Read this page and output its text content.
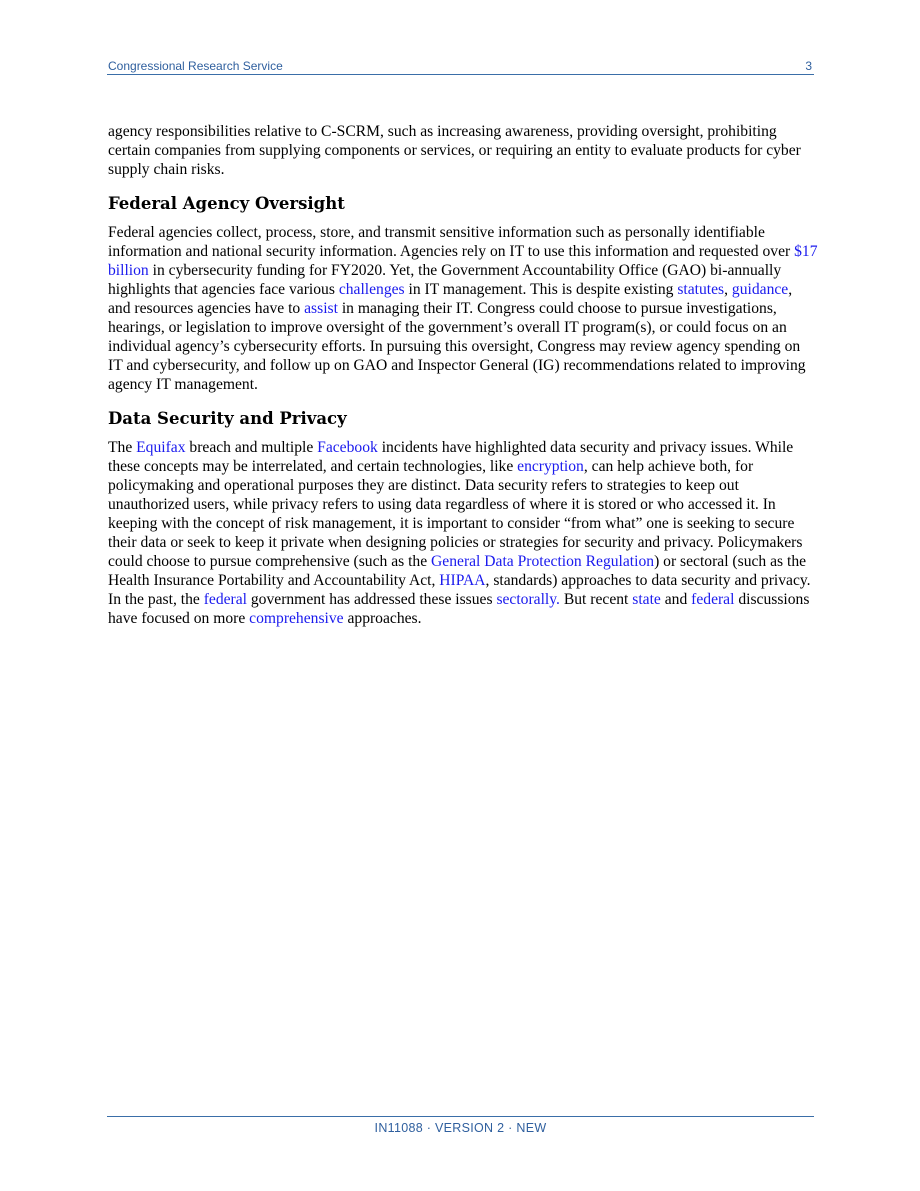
Congressional Research Service	3

agency responsibilities relative to C-SCRM, such as increasing awareness, providing oversight, prohibiting certain companies from supplying components or services, or requiring an entity to evaluate products for cyber supply chain risks.

Federal Agency Oversight

Federal agencies collect, process, store, and transmit sensitive information such as personally identifiable information and national security information. Agencies rely on IT to use this information and requested over $17 billion in cybersecurity funding for FY2020. Yet, the Government Accountability Office (GAO) bi-annually highlights that agencies face various challenges in IT management. This is despite existing statutes, guidance, and resources agencies have to assist in managing their IT. Congress could choose to pursue investigations, hearings, or legislation to improve oversight of the government’s overall IT program(s), or could focus on an individual agency’s cybersecurity efforts. In pursuing this oversight, Congress may review agency spending on IT and cybersecurity, and follow up on GAO and Inspector General (IG) recommendations related to improving agency IT management.

Data Security and Privacy

The Equifax breach and multiple Facebook incidents have highlighted data security and privacy issues. While these concepts may be interrelated, and certain technologies, like encryption, can help achieve both, for policymaking and operational purposes they are distinct. Data security refers to strategies to keep out unauthorized users, while privacy refers to using data regardless of where it is stored or who accessed it. In keeping with the concept of risk management, it is important to consider “from what” one is seeking to secure their data or seek to keep it private when designing policies or strategies for security and privacy. Policymakers could choose to pursue comprehensive (such as the General Data Protection Regulation) or sectoral (such as the Health Insurance Portability and Accountability Act, HIPAA, standards) approaches to data security and privacy. In the past, the federal government has addressed these issues sectorally. But recent state and federal discussions have focused on more comprehensive approaches.

IN11088 · VERSION 2 · NEW
